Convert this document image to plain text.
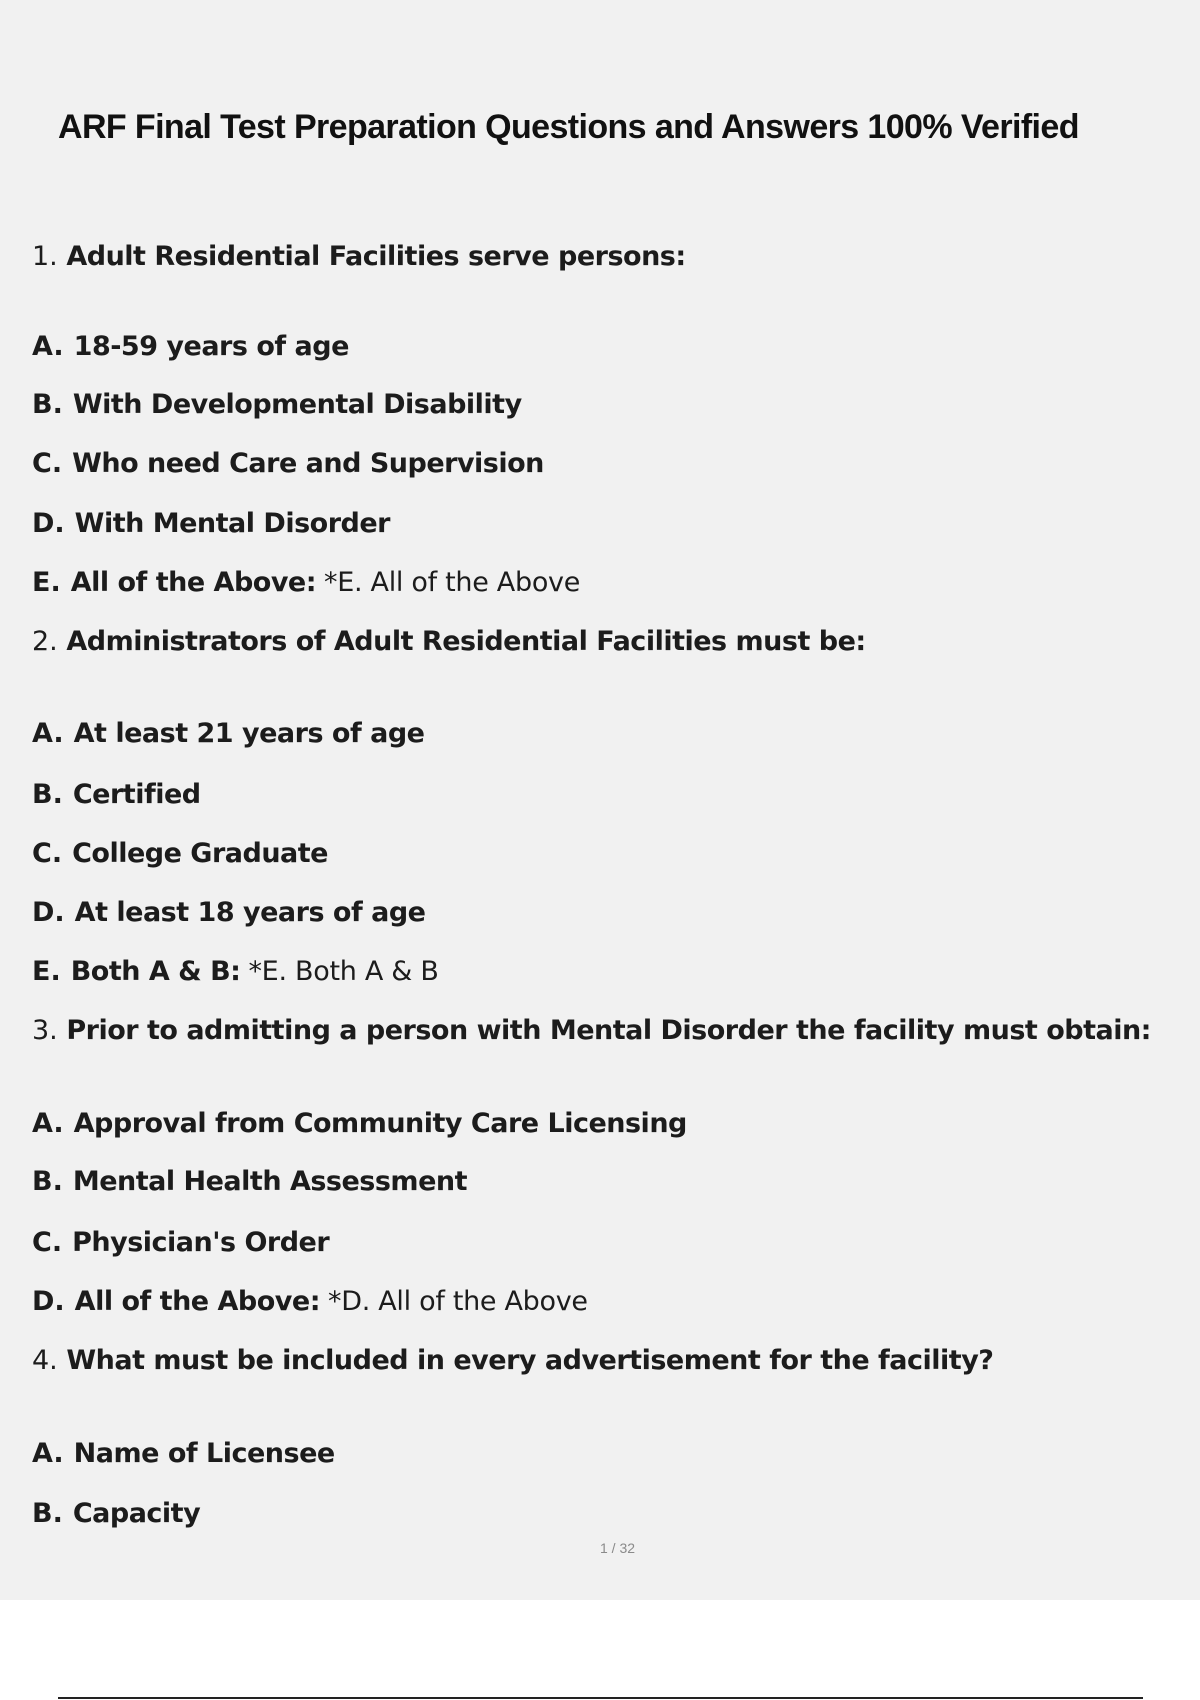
ARF Final Test Preparation Questions and Answers 100% Verified
1. Adult Residential Facilities serve persons:
A. 18-59 years of age
B. With Developmental Disability
C. Who need Care and Supervision
D. With Mental Disorder
E. All of the Above: *E. All of the Above
2. Administrators of Adult Residential Facilities must be:
A. At least 21 years of age
B. Certified
C. College Graduate
D. At least 18 years of age
E. Both A & B: *E. Both A & B
3. Prior to admitting a person with Mental Disorder the facility must obtain:
A. Approval from Community Care Licensing
B. Mental Health Assessment
C. Physician's Order
D. All of the Above: *D. All of the Above
4. What must be included in every advertisement for the facility?
A. Name of Licensee
B. Capacity
1 / 32
